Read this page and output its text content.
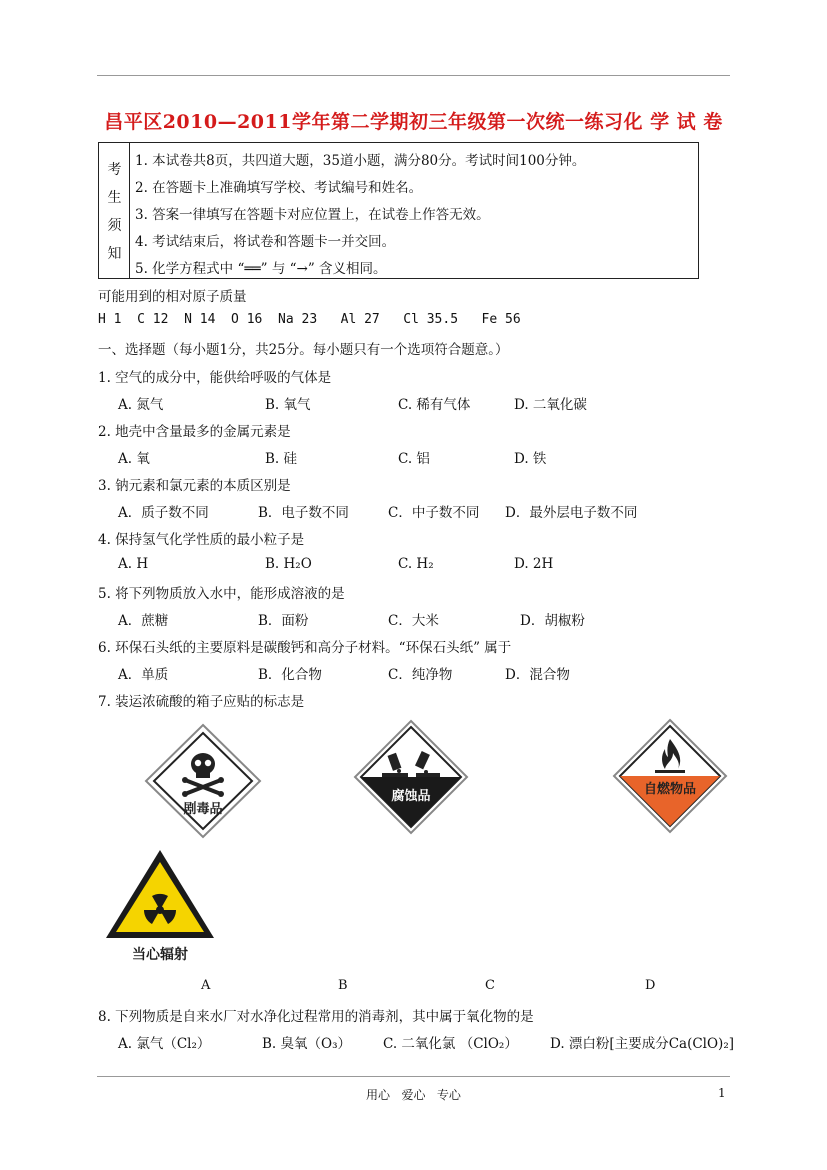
昌平区2010—2011学年第二学期初三年级第一次统一练习化 学 试 卷
考
生
须
知
1. 本试卷共8页，共四道大题，35道小题，满分80分。考试时间100分钟。
2. 在答题卡上准确填写学校、考试编号和姓名。
3. 答案一律填写在答题卡对应位置上，在试卷上作答无效。
4. 考试结束后，将试卷和答题卡一并交回。
5. 化学方程式中 “══” 与 “→” 含义相同。
可能用到的相对原子质量
H 1  C 12  N 14  O 16  Na 23   Al 27   Cl 35.5   Fe 56
一、选择题（每小题1分，共25分。每小题只有一个选项符合题意。）
1. 空气的成分中，能供给呼吸的气体是
A. 氮气	B. 氧气	C. 稀有气体	D. 二氧化碳
2. 地壳中含量最多的金属元素是
A. 氧	B. 硅	C. 铝	D. 铁
3. 钠元素和氯元素的本质区别是
A．质子数不同	B．电子数不同	C．中子数不同 D．最外层电子数不同
4. 保持氢气化学性质的最小粒子是
A. H	B. H₂O	C. H₂	D. 2H
5. 将下列物质放入水中，能形成溶液的是
A．蔗糖	B．面粉	C．大米	D．胡椒粉
6. 环保石头纸的主要原料是碳酸钙和高分子材料。“环保石头纸” 属于
A．单质	B．化合物	C．纯净物	D．混合物
7. 装运浓硫酸的箱子应贴的标志是
剧毒品
腐蚀品	自燃物品
当心辐射
A	B	C	D
8. 下列物质是自来水厂对水净化过程常用的消毒剂，其中属于氧化物的是
A. 氯气（Cl₂）	B. 臭氧（O₃） C. 二氧化氯 （ClO₂） D. 漂白粉[主要成分Ca(ClO)₂]
用心   爱心   专心	1
